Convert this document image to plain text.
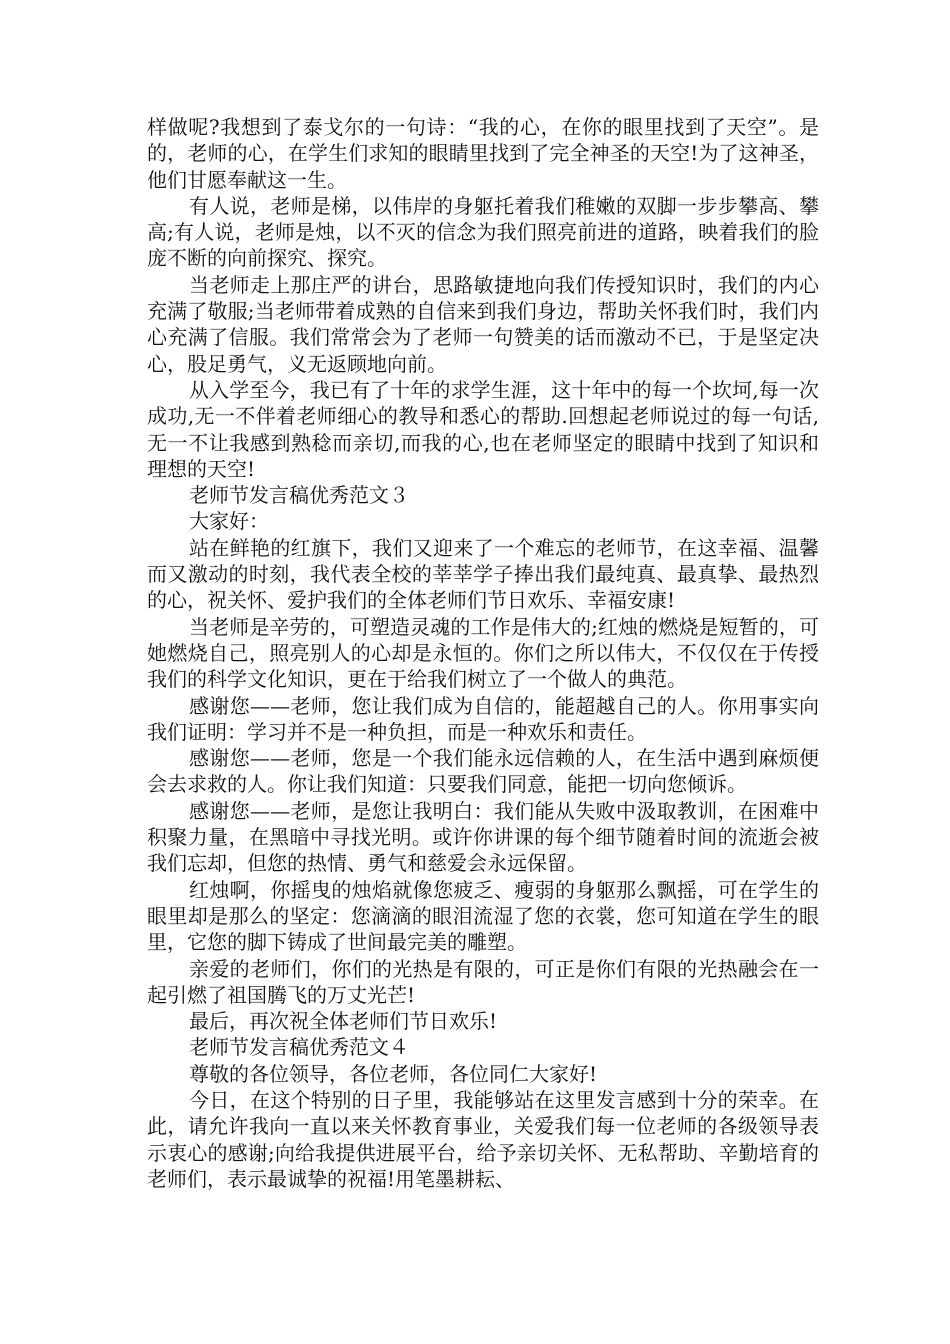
样做呢?我想到了泰戈尔的一句诗：“我的心，在你的眼里找到了天空”。是的，老师的心，在学生们求知的眼睛里找到了完全神圣的天空!为了这神圣，他们甘愿奉献这一生。

有人说，老师是梯，以伟岸的身躯托着我们稚嫩的双脚一步步攀高、攀高;有人说，老师是烛，以不灭的信念为我们照亮前进的道路，映着我们的脸庞不断的向前探究、探究。

当老师走上那庄严的讲台，思路敏捷地向我们传授知识时，我们的内心充满了敬服;当老师带着成熟的自信来到我们身边，帮助关怀我们时，我们内心充满了信服。我们常常会为了老师一句赞美的话而激动不已，于是坚定决心，股足勇气，义无返顾地向前。

从入学至今，我已有了十年的求学生涯，这十年中的每一个坎坷,每一次成功,无一不伴着老师细心的教导和悉心的帮助.回想起老师说过的每一句话,无一不让我感到熟稔而亲切,而我的心,也在老师坚定的眼睛中找到了知识和理想的天空!

老师节发言稿优秀范文３

大家好：

站在鲜艳的红旗下，我们又迎来了一个难忘的老师节，在这幸福、温馨而又激动的时刻，我代表全校的莘莘学子捧出我们最纯真、最真挚、最热烈的心，祝关怀、爱护我们的全体老师们节日欢乐、幸福安康!

当老师是辛劳的，可塑造灵魂的工作是伟大的;红烛的燃烧是短暂的，可她燃烧自己，照亮别人的心却是永恒的。你们之所以伟大，不仅仅在于传授我们的科学文化知识，更在于给我们树立了一个做人的典范。

感谢您——老师，您让我们成为自信的，能超越自己的人。你用事实向我们证明：学习并不是一种负担，而是一种欢乐和责任。

感谢您——老师，您是一个我们能永远信赖的人，在生活中遇到麻烦便会去求救的人。你让我们知道：只要我们同意，能把一切向您倾诉。

感谢您——老师，是您让我明白：我们能从失败中汲取教训，在困难中积聚力量，在黑暗中寻找光明。或许你讲课的每个细节随着时间的流逝会被我们忘却，但您的热情、勇气和慈爱会永远保留。

红烛啊，你摇曳的烛焰就像您疲乏、瘦弱的身躯那么飘摇，可在学生的眼里却是那么的坚定：您滴滴的眼泪流湿了您的衣裳，您可知道在学生的眼里，它您的脚下铸成了世间最完美的雕塑。

亲爱的老师们，你们的光热是有限的，可正是你们有限的光热融会在一起引燃了祖国腾飞的万丈光芒!

最后，再次祝全体老师们节日欢乐!

老师节发言稿优秀范文４

尊敬的各位领导，各位老师，各位同仁大家好!

今日，在这个特别的日子里，我能够站在这里发言感到十分的荣幸。在此，请允许我向一直以来关怀教育事业，关爱我们每一位老师的各级领导表示衷心的感谢;向给我提供进展平台，给予亲切关怀、无私帮助、辛勤培育的老师们，表示最诚挚的祝福!用笔墨耕耘、
